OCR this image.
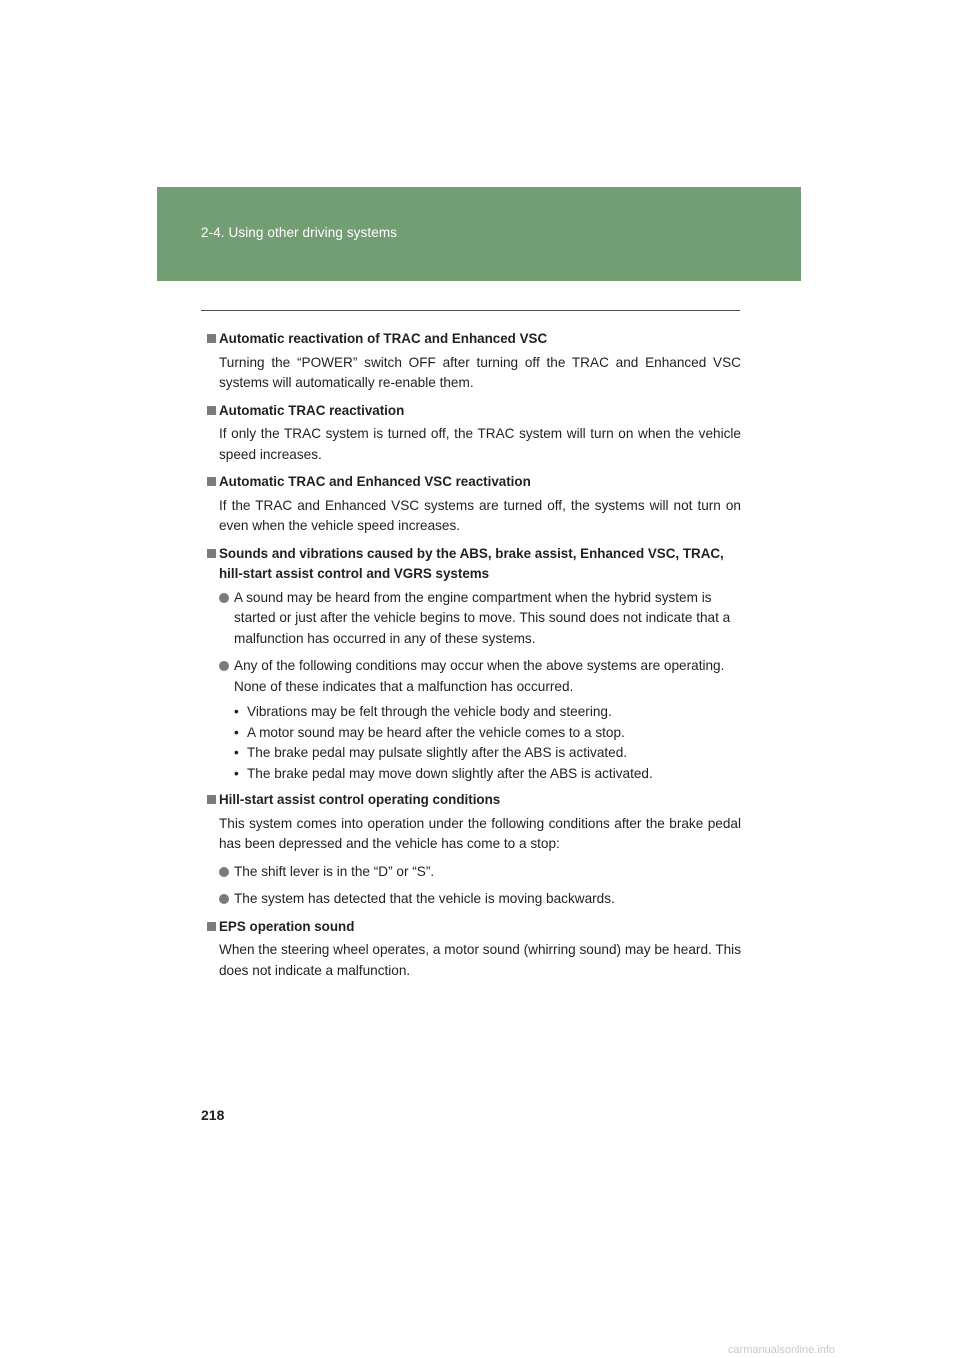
2-4. Using other driving systems
Automatic reactivation of TRAC and Enhanced VSC
Turning the “POWER” switch OFF after turning off the TRAC and Enhanced VSC systems will automatically re-enable them.
Automatic TRAC reactivation
If only the TRAC system is turned off, the TRAC system will turn on when the vehicle speed increases.
Automatic TRAC and Enhanced VSC reactivation
If the TRAC and Enhanced VSC systems are turned off, the systems will not turn on even when the vehicle speed increases.
Sounds and vibrations caused by the ABS, brake assist, Enhanced VSC, TRAC, hill-start assist control and VGRS systems
A sound may be heard from the engine compartment when the hybrid system is started or just after the vehicle begins to move. This sound does not indicate that a malfunction has occurred in any of these systems.
Any of the following conditions may occur when the above systems are operating. None of these indicates that a malfunction has occurred.
• Vibrations may be felt through the vehicle body and steering.
• A motor sound may be heard after the vehicle comes to a stop.
• The brake pedal may pulsate slightly after the ABS is activated.
• The brake pedal may move down slightly after the ABS is activated.
Hill-start assist control operating conditions
This system comes into operation under the following conditions after the brake pedal has been depressed and the vehicle has come to a stop:
The shift lever is in the “D” or “S”.
The system has detected that the vehicle is moving backwards.
EPS operation sound
When the steering wheel operates, a motor sound (whirring sound) may be heard. This does not indicate a malfunction.
218
carmanualsonline.info
